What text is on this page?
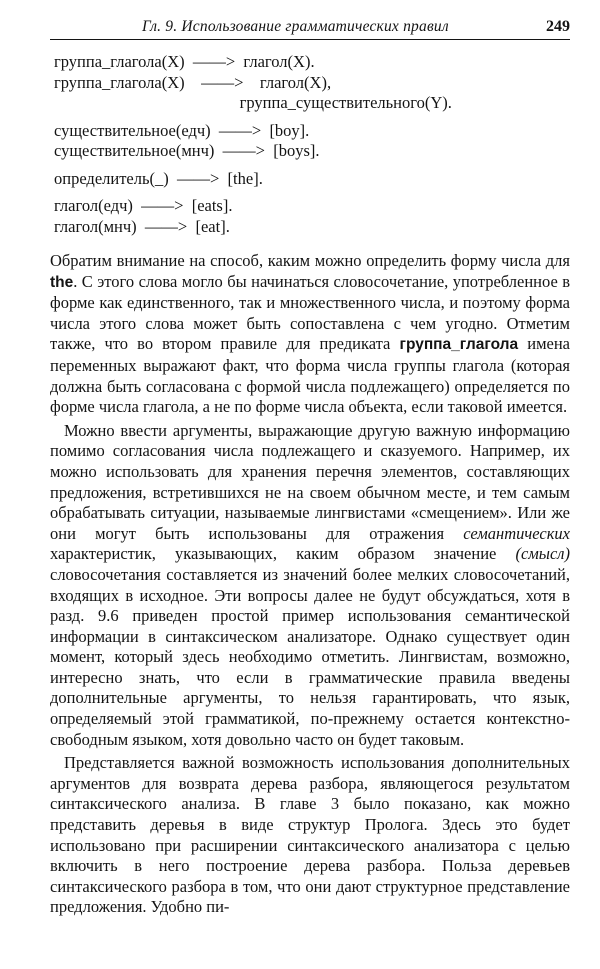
Гл. 9. Использование грамматических правил	249
группа_глагола(X)  ——>  глагол(X).
группа_глагола(X)    ——>    глагол(X),
группа_существительного(Y).
существительное(едч)  ——>  [boy].
существительное(мнч)  ——>  [boys].
определитель(_)  ——>  [the].
глагол(едч)  ——>  [eats].
глагол(мнч)  ——>  [eat].

Обратим внимание на способ, каким можно определить форму числа для the. С этого слова могло бы начинаться словосочетание, употребленное в форме как единственного, так и множественного числа, и поэтому форма числа этого слова может быть сопоставлена с чем угодно. Отметим также, что во втором правиле для предиката группа_глагола имена переменных выражают факт, что форма числа группы глагола (которая должна быть согласована с формой числа подлежащего) определяется по форме числа глагола, а не по форме числа объекта, если таковой имеется.

Можно ввести аргументы, выражающие другую важную информацию помимо согласования числа подлежащего и сказуемого. Например, их можно использовать для хранения перечня элементов, составляющих предложения, встретившихся не на своем обычном месте, и тем самым обрабатывать ситуации, называемые лингвистами «смещением». Или же они могут быть использованы для отражения семантических характеристик, указывающих, каким образом значение (смысл) словосочетания составляется из значений более мелких словосочетаний, входящих в исходное. Эти вопросы далее не будут обсуждаться, хотя в разд. 9.6 приведен простой пример использования семантической информации в синтаксическом анализаторе. Однако существует один момент, который здесь необходимо отметить. Лингвистам, возможно, интересно знать, что если в грамматические правила введены дополнительные аргументы, то нельзя гарантировать, что язык, определяемый этой грамматикой, по-прежнему остается контекстно-свободным языком, хотя довольно часто он будет таковым.

Представляется важной возможность использования дополнительных аргументов для возврата дерева разбора, являющегося результатом синтаксического анализа. В главе 3 было показано, как можно представить деревья в виде структур Пролога. Здесь это будет использовано при расширении синтаксического анализатора с целью включить в него построение дерева разбора. Польза деревьев синтаксического разбора в том, что они дают структурное представление предложения. Удобно пи-
